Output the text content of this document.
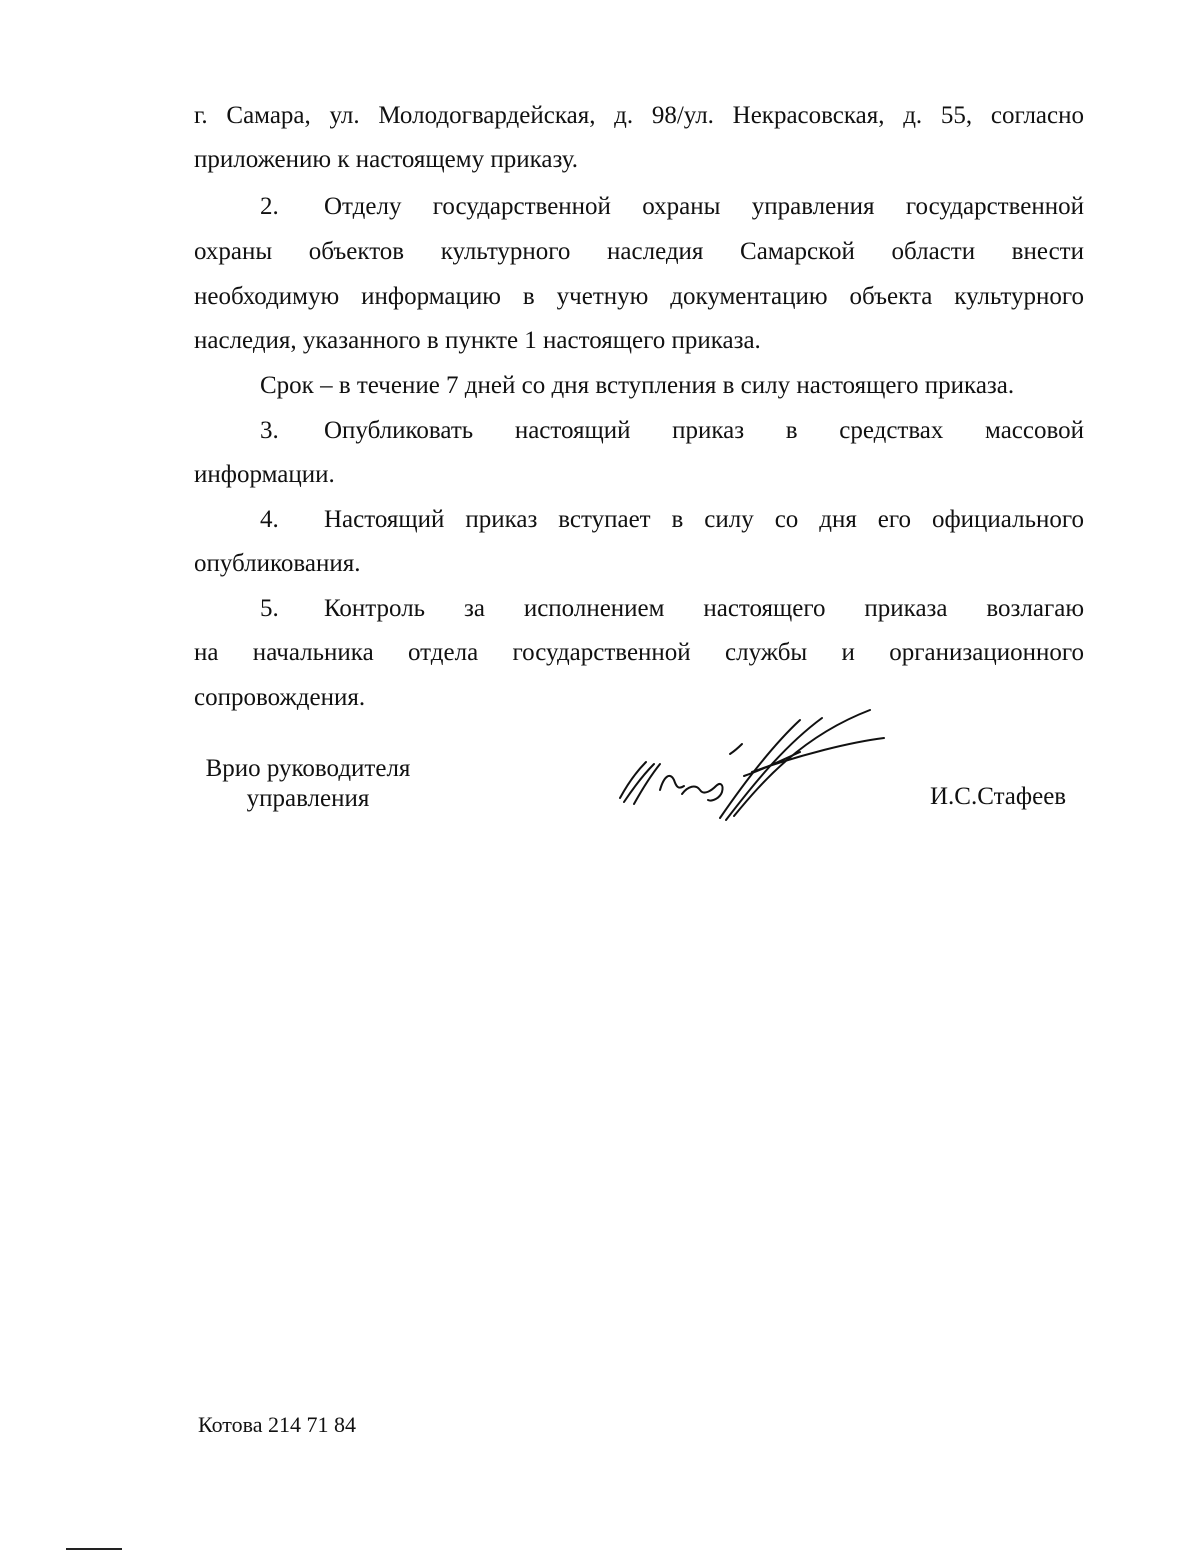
г. Самара, ул. Молодогвардейская, д. 98/ул. Некрасовская, д. 55, согласно
приложению к настоящему приказу.
2. Отделу государственной охраны управления государственной
охраны объектов культурного наследия Самарской области внести
необходимую информацию в учетную документацию объекта культурного
наследия, указанного в пункте 1 настоящего приказа.
Срок – в течение 7 дней со дня вступления в силу настоящего приказа.
3. Опубликовать настоящий приказ в средствах массовой
информации.
4. Настоящий приказ вступает в силу со дня его официального
опубликования.
5. Контроль за исполнением настоящего приказа возлагаю
на начальника отдела государственной службы и организационного
сопровождения.
Врио руководителя
управления	И.С.Стафеев
Котова 214 71 84
